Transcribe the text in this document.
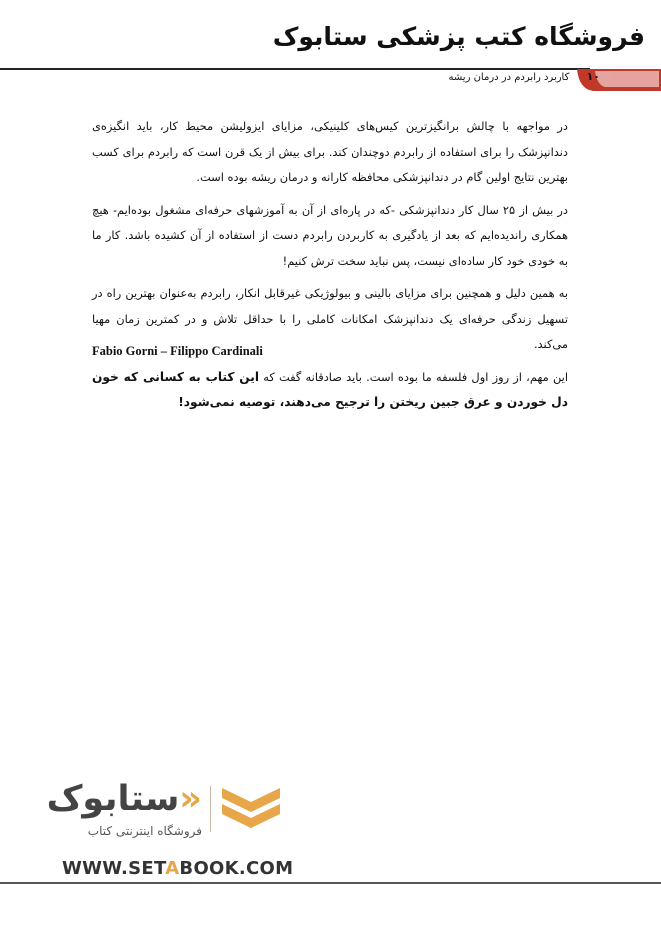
فروشگاه کتب پزشکی ستابوک
۱۰ کاربرد رابردم در درمان ریشه

در مواجهه با چالش برانگیزترین کیس‌های کلینیکی، مزایای ایزولیشن محیط کار، باید انگیزه‌ی دندانپزشک را برای استفاده از رابردم دوچندان کند. برای بیش از یک قرن است که رابردم برای کسب بهترین نتایج اولین گام در دندانپزشکی محافظه کارانه و درمان ریشه بوده است.

در بیش از ۲۵ سال کار دندانپزشکی -که در پاره‌ای از آن به آموزشهای حرفه‌ای مشغول بوده‌ایم- هیچ همکاری راندیده‌ایم که بعد از یادگیری به کاربردن رابردم دست از استفاده از آن کشیده باشد. کار ما به خودی خود کار ساده‌ای نیست، پس نباید سخت ترش کنیم!

به همین دلیل و همچنین برای مزایای بالینی و بیولوژیکی غیرقابل انکار، رابردم به‌عنوان بهترین راه در تسهیل زندگی حرفه‌ای یک دندانپزشک امکانات کاملی را با حداقل تلاش و در کمترین زمان مهیا می‌کند.

این مهم، از روز اول فلسفه ما بوده است. باید صادقانه گفت که این کتاب به کسانی که خون دل خوردن و عرق جبین ریختن را ترجیح می‌دهند، توصیه نمی‌شود!

Fabio Gorni – Filippo Cardinali
«ستابوک
فروشگاه اینترنتی کتاب
WWW.SETABOOK.COM
